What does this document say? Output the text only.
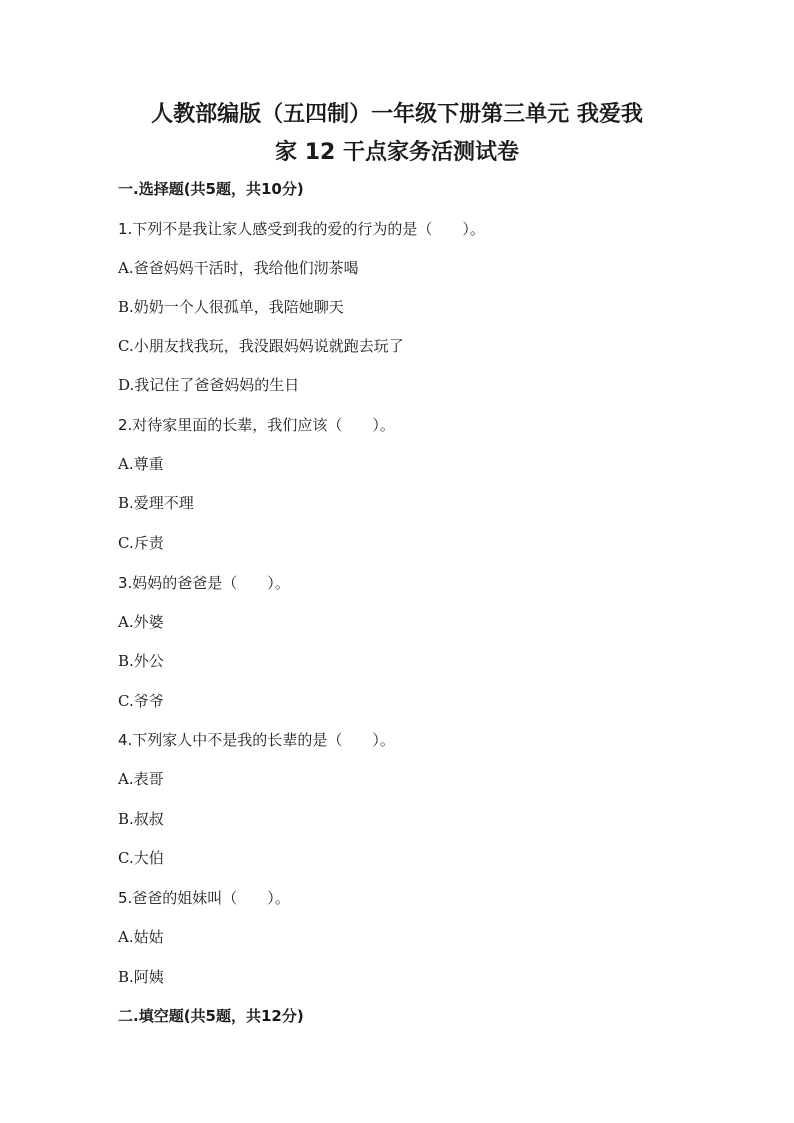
人教部编版（五四制）一年级下册第三单元 我爱我
家 12 干点家务活测试卷
一.选择题(共5题，共10分)
1.下列不是我让家人感受到我的爱的行为的是（　　）。
A.爸爸妈妈干活时，我给他们沏茶喝
B.奶奶一个人很孤单，我陪她聊天
C.小朋友找我玩，我没跟妈妈说就跑去玩了
D.我记住了爸爸妈妈的生日
2.对待家里面的长辈，我们应该（　　）。
A.尊重
B.爱理不理
C.斥责
3.妈妈的爸爸是（　　）。
A.外婆
B.外公
C.爷爷
4.下列家人中不是我的长辈的是（　　）。
A.表哥
B.叔叔
C.大伯
5.爸爸的姐妹叫（　　）。
A.姑姑
B.阿姨
二.填空题(共5题，共12分)
